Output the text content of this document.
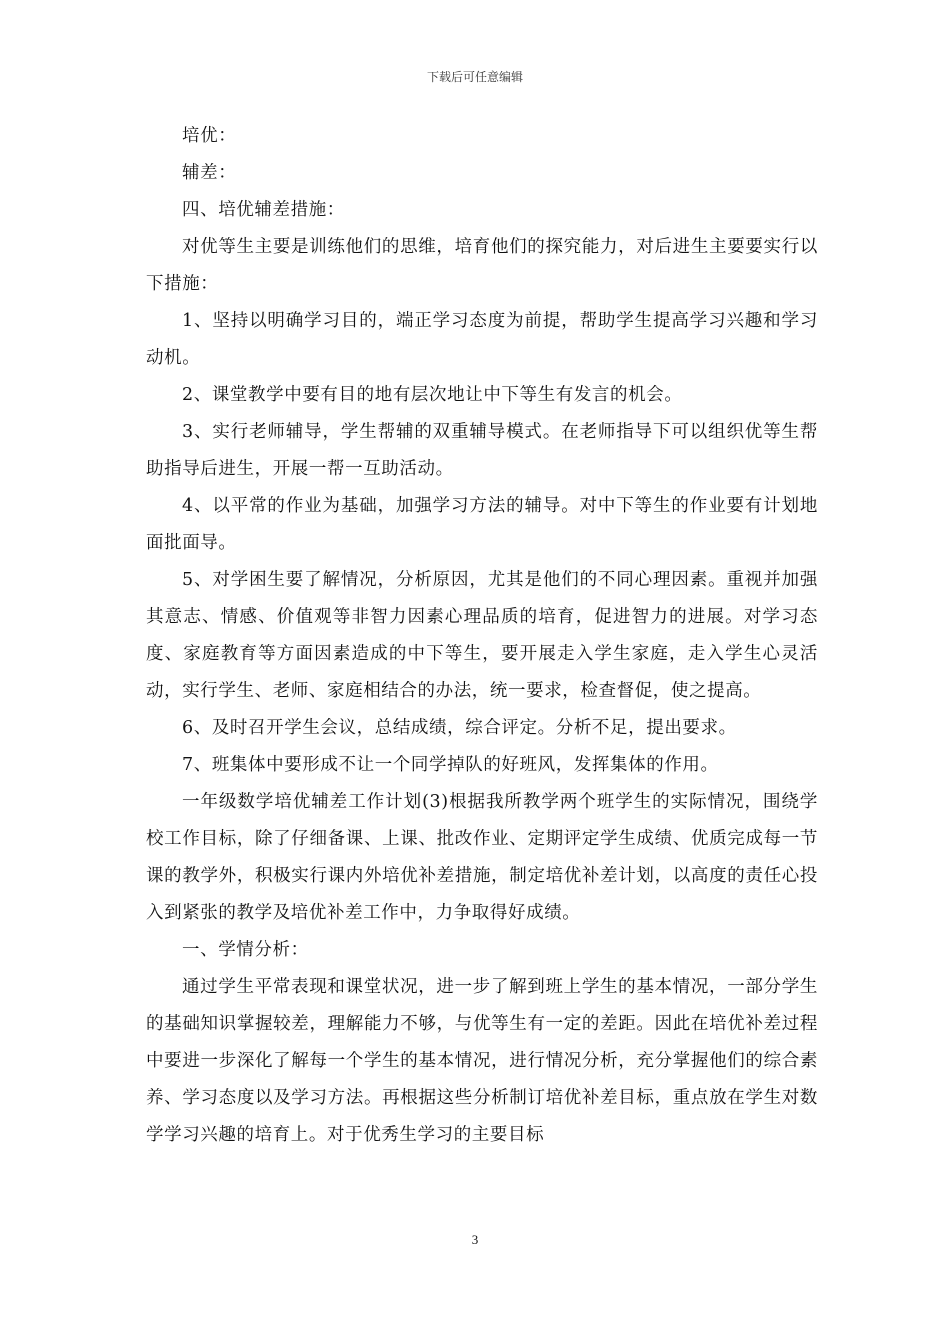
下载后可任意编辑

培优：

辅差：

四、培优辅差措施：

对优等生主要是训练他们的思维，培育他们的探究能力，对后进生主要要实行以下措施：

1、坚持以明确学习目的，端正学习态度为前提，帮助学生提高学习兴趣和学习动机。

2、课堂教学中要有目的地有层次地让中下等生有发言的机会。

3、实行老师辅导，学生帮辅的双重辅导模式。在老师指导下可以组织优等生帮助指导后进生，开展一帮一互助活动。

4、以平常的作业为基础，加强学习方法的辅导。对中下等生的作业要有计划地面批面导。

5、对学困生要了解情况，分析原因，尤其是他们的不同心理因素。重视并加强其意志、情感、价值观等非智力因素心理品质的培育，促进智力的进展。对学习态度、家庭教育等方面因素造成的中下等生，要开展走入学生家庭，走入学生心灵活动，实行学生、老师、家庭相结合的办法，统一要求，检查督促，使之提高。

6、及时召开学生会议，总结成绩，综合评定。分析不足，提出要求。

7、班集体中要形成不让一个同学掉队的好班风，发挥集体的作用。

一年级数学培优辅差工作计划(3)根据我所教学两个班学生的实际情况，围绕学校工作目标，除了仔细备课、上课、批改作业、定期评定学生成绩、优质完成每一节课的教学外，积极实行课内外培优补差措施，制定培优补差计划，以高度的责任心投入到紧张的教学及培优补差工作中，力争取得好成绩。

一、学情分析：

通过学生平常表现和课堂状况，进一步了解到班上学生的基本情况，一部分学生的基础知识掌握较差，理解能力不够，与优等生有一定的差距。因此在培优补差过程中要进一步深化了解每一个学生的基本情况，进行情况分析，充分掌握他们的综合素养、学习态度以及学习方法。再根据这些分析制订培优补差目标，重点放在学生对数学学习兴趣的培育上。对于优秀生学习的主要目标

3
